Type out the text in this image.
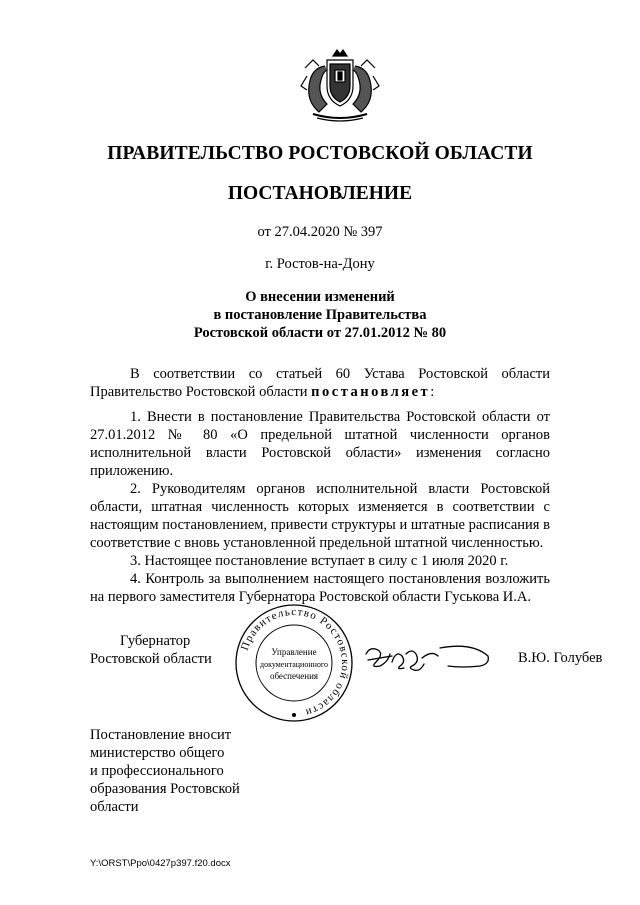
ПРАВИТЕЛЬСТВО РОСТОВСКОЙ ОБЛАСТИ
ПОСТАНОВЛЕНИЕ
от 27.04.2020 № 397
г. Ростов-на-Дону
О внесении изменений
в постановление Правительства
Ростовской области от 27.01.2012 № 80

В соответствии со статьей 60 Устава Ростовской области Правительство Ростовской области постановляет:

1. Внести в постановление Правительства Ростовской области от 27.01.2012 № 80 «О предельной штатной численности органов исполнительной власти Ростовской области» изменения согласно приложению.

2. Руководителям органов исполнительной власти Ростовской области, штатная численность которых изменяется в соответствии с настоящим постановлением, привести структуры и штатные расписания в соответствие с вновь установленной предельной штатной численностью.

3. Настоящее постановление вступает в силу с 1 июля 2020 г.

4. Контроль за выполнением настоящего постановления возложить на первого заместителя Губернатора Ростовской области Гуськова И.А.

Губернатор
Ростовской области
Правительство Ростовской области
Управление
документационного
обеспечения
В.Ю. Голубев
Постановление вносит
министерство общего
и профессионального
образования Ростовской
области
Y:\ORST\Ppo\0427p397.f20.docx
